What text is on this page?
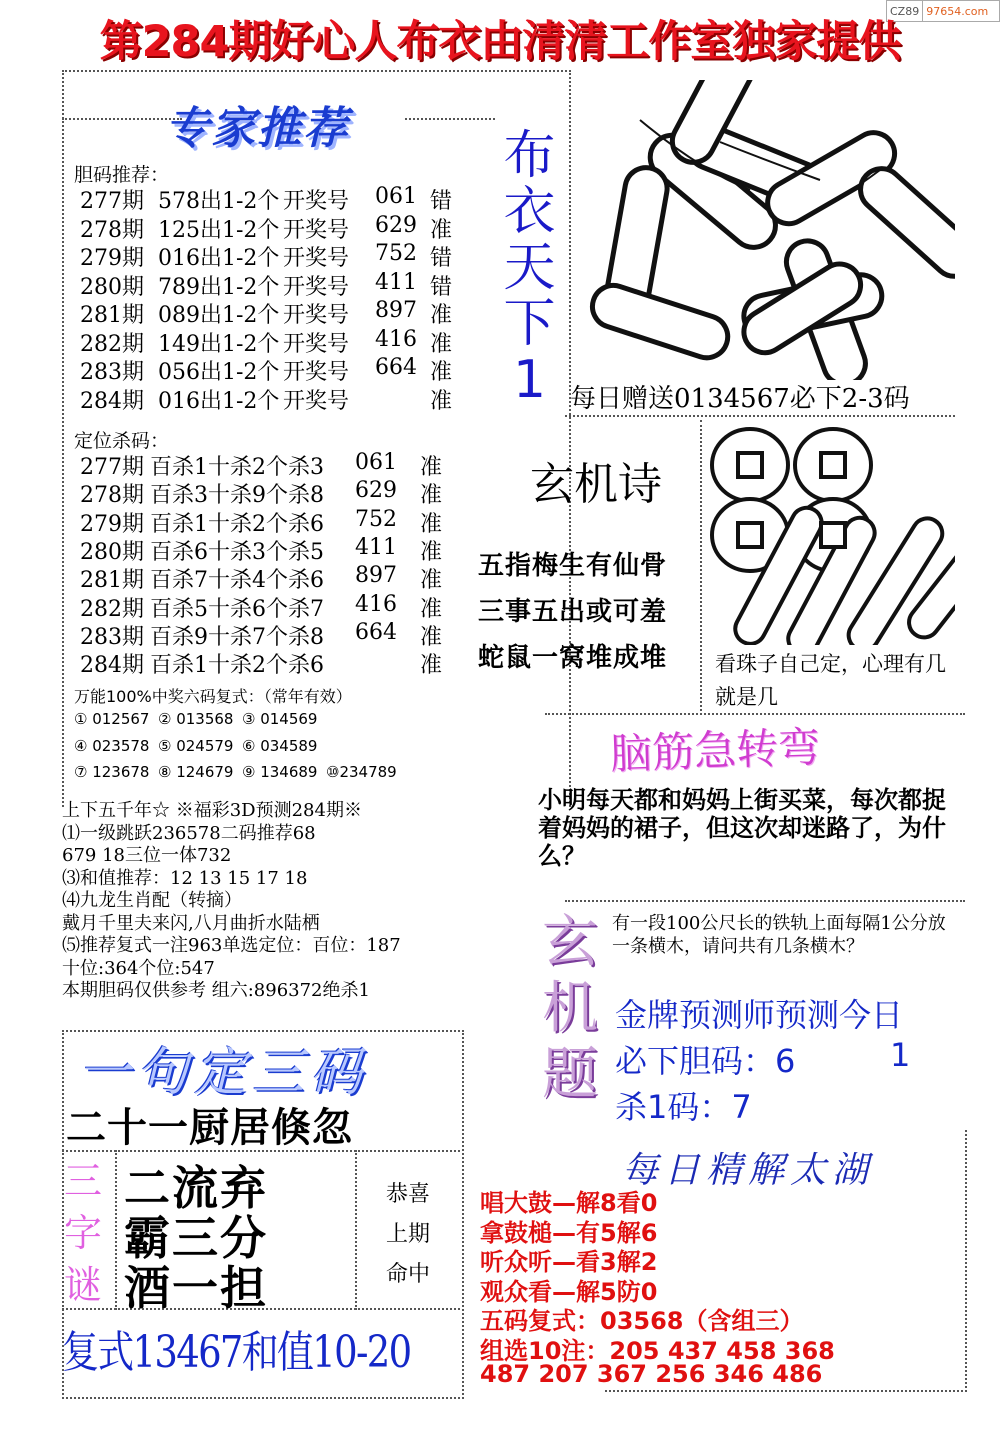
CZ89 97654.com
第284期好心人布衣由清清工作室独家提供
专家推荐
胆码推荐：
277期 578出1-2个 开奖号 061 错
278期 125出1-2个 开奖号 629 准
279期 016出1-2个 开奖号 752 错
280期 789出1-2个 开奖号 411 错
281期 089出1-2个 开奖号 897 准
282期 149出1-2个 开奖号 416 准
283期 056出1-2个 开奖号 664 准
284期 016出1-2个 开奖号	准
定位杀码：
277期 百杀1十杀2个杀3 061 准
278期 百杀3十杀9个杀8 629 准
279期 百杀1十杀2个杀6 752 准
280期 百杀6十杀3个杀5 411 准
281期 百杀7十杀4个杀6 897 准
282期 百杀5十杀6个杀7 416 准
283期 百杀9十杀7个杀8 664 准
284期 百杀1十杀2个杀6	准
万能100%中奖六码复式：（常年有效）
① 012567 ② 013568 ③ 014569
④ 023578 ⑤ 024579 ⑥ 034589
⑦ 123678 ⑧ 124679 ⑨ 134689 ⑩234789
上下五千年☆ ※福彩3D预测284期※
⑴一级跳跃236578二码推荐68
679 18三位一体732
⑶和值推荐：12 13 15 17 18
⑷九龙生肖配（转摘）
戴月千里夫来闪,八月曲折水陆栖
⑸推荐复式一注963单选定位：百位：187
十位:364个位:547
本期胆码仅供参考 组六:896372绝杀1
布
衣
天
下
1 每日赠送0134567必下2-3码
玄机诗
五指梅生有仙骨
三事五出或可羞
蛇鼠一窝堆成堆 看珠子自己定，心理有几就是几
脑筋急转弯
小明每天都和妈妈上街买菜，每次都捉着妈妈的裙子，但这次却迷路了，为什么？
玄
机
题
有一段100公尺长的铁轨上面每隔1公分放一条横木，请问共有几条横木？
金牌预测师预测今日
必下胆码：6	1
杀1码：7
每日精解太湖
唱大鼓—解8看0
拿鼓槌—有5解6
听众听—看3解2
观众看—解5防0
五码复式：03568（含组三）
组选10注：205 437 458 368
487 207 367 256 346 486
一句定三码
二十一厨居倏忽
三
字
谜
二流弃
霸三分
酒一担
恭喜
上期
命中
复式13467和值10-20
